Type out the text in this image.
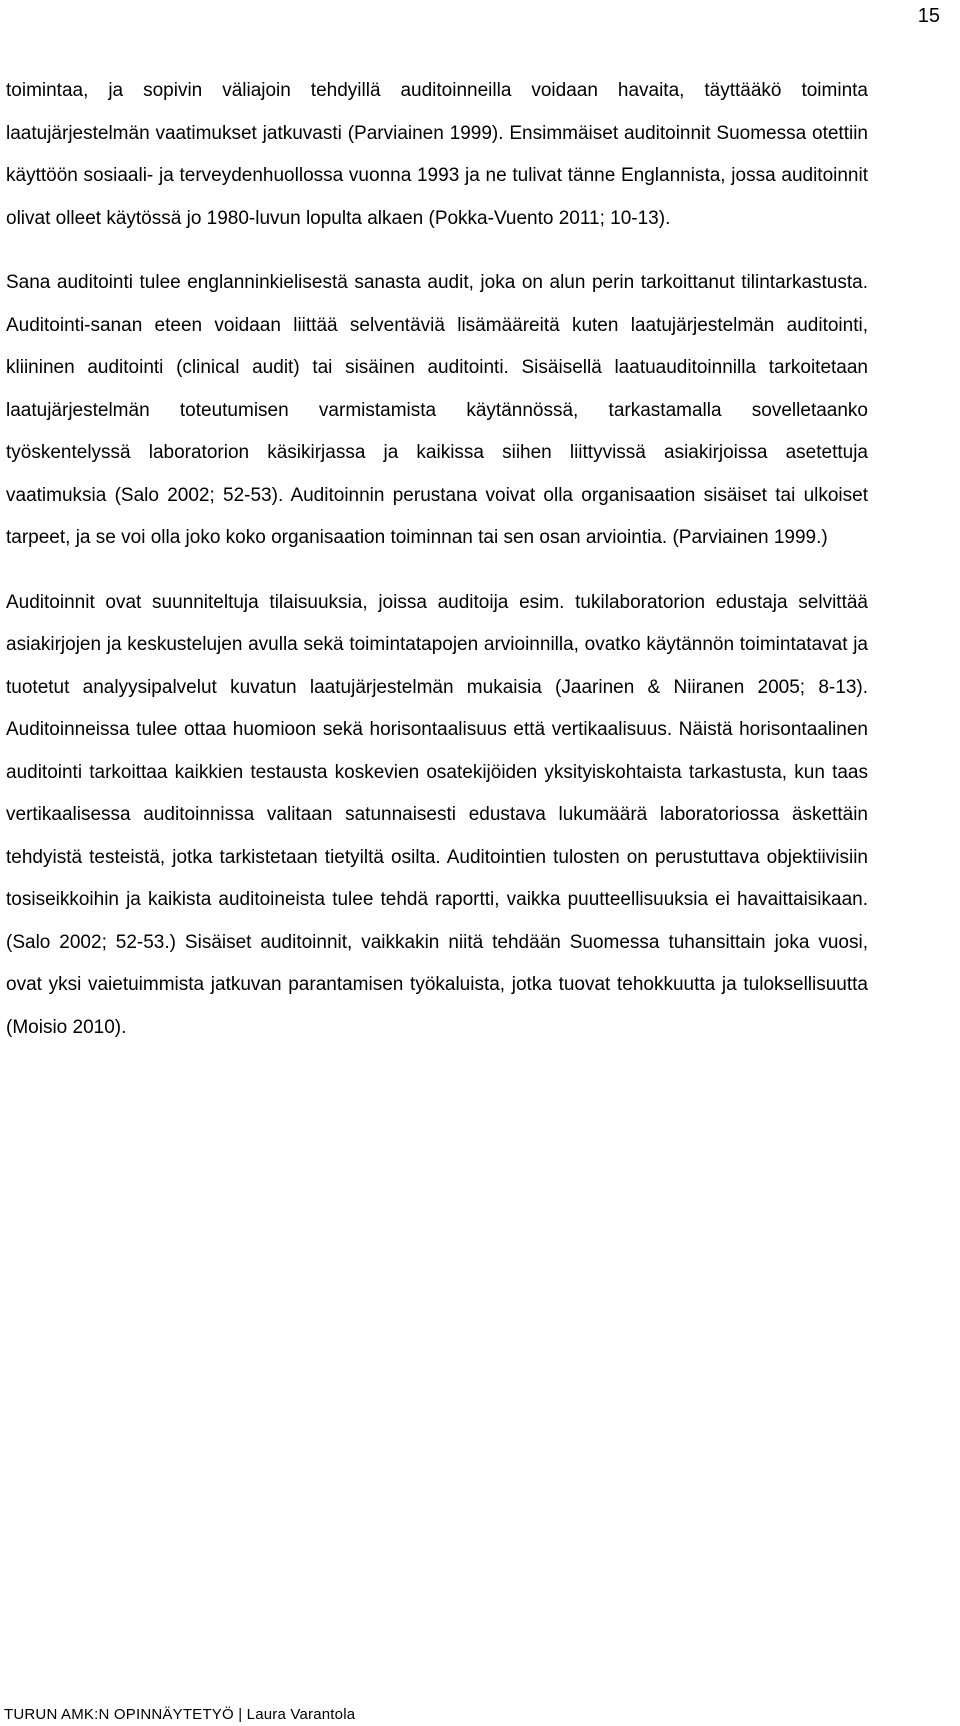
15

toimintaa, ja sopivin väliajoin tehdyillä auditoinneilla voidaan havaita, täyttääkö toiminta laatujärjestelmän vaatimukset jatkuvasti (Parviainen 1999). Ensimmäiset auditoinnit Suomessa otettiin käyttöön sosiaali- ja terveydenhuollossa vuonna 1993 ja ne tulivat tänne Englannista, jossa auditoinnit olivat olleet käytössä jo 1980-luvun lopulta alkaen (Pokka-Vuento 2011; 10-13).

Sana auditointi tulee englanninkielisestä sanasta audit, joka on alun perin tarkoittanut tilintarkastusta. Auditointi-sanan eteen voidaan liittää selventäviä lisämääreitä kuten laatujärjestelmän auditointi, kliininen auditointi (clinical audit) tai sisäinen auditointi. Sisäisellä laatuauditoinnilla tarkoitetaan laatujärjestelmän toteutumisen varmistamista käytännössä, tarkastamalla sovelletaanko työskentelyssä laboratorion käsikirjassa ja kaikissa siihen liittyvissä asiakirjoissa asetettuja vaatimuksia (Salo 2002; 52-53). Auditoinnin perustana voivat olla organisaation sisäiset tai ulkoiset tarpeet, ja se voi olla joko koko organisaation toiminnan tai sen osan arviointia. (Parviainen 1999.)

Auditoinnit ovat suunniteltuja tilaisuuksia, joissa auditoija esim. tukilaboratorion edustaja selvittää asiakirjojen ja keskustelujen avulla sekä toimintatapojen arvioinnilla, ovatko käytännön toimintatavat ja tuotetut analyysipalvelut kuvatun laatujärjestelmän mukaisia (Jaarinen & Niiranen 2005; 8-13). Auditoinneissa tulee ottaa huomioon sekä horisontaalisuus että vertikaalisuus. Näistä horisontaalinen auditointi tarkoittaa kaikkien testausta koskevien osatekijöiden yksityiskohtaista tarkastusta, kun taas vertikaalisessa auditoinnissa valitaan satunnaisesti edustava lukumäärä laboratoriossa äskettäin tehdyistä testeistä, jotka tarkistetaan tietyiltä osilta. Auditointien tulosten on perustuttava objektiivisiin tosiseikkoihin ja kaikista auditoineista tulee tehdä raportti, vaikka puutteellisuuksia ei havaittaisikaan. (Salo 2002; 52-53.) Sisäiset auditoinnit, vaikkakin niitä tehdään Suomessa tuhansittain joka vuosi, ovat yksi vaietuimmista jatkuvan parantamisen työkaluista, jotka tuovat tehokkuutta ja tuloksellisuutta (Moisio 2010).

TURUN AMK:N OPINNÄYTETYÖ | Laura Varantola
